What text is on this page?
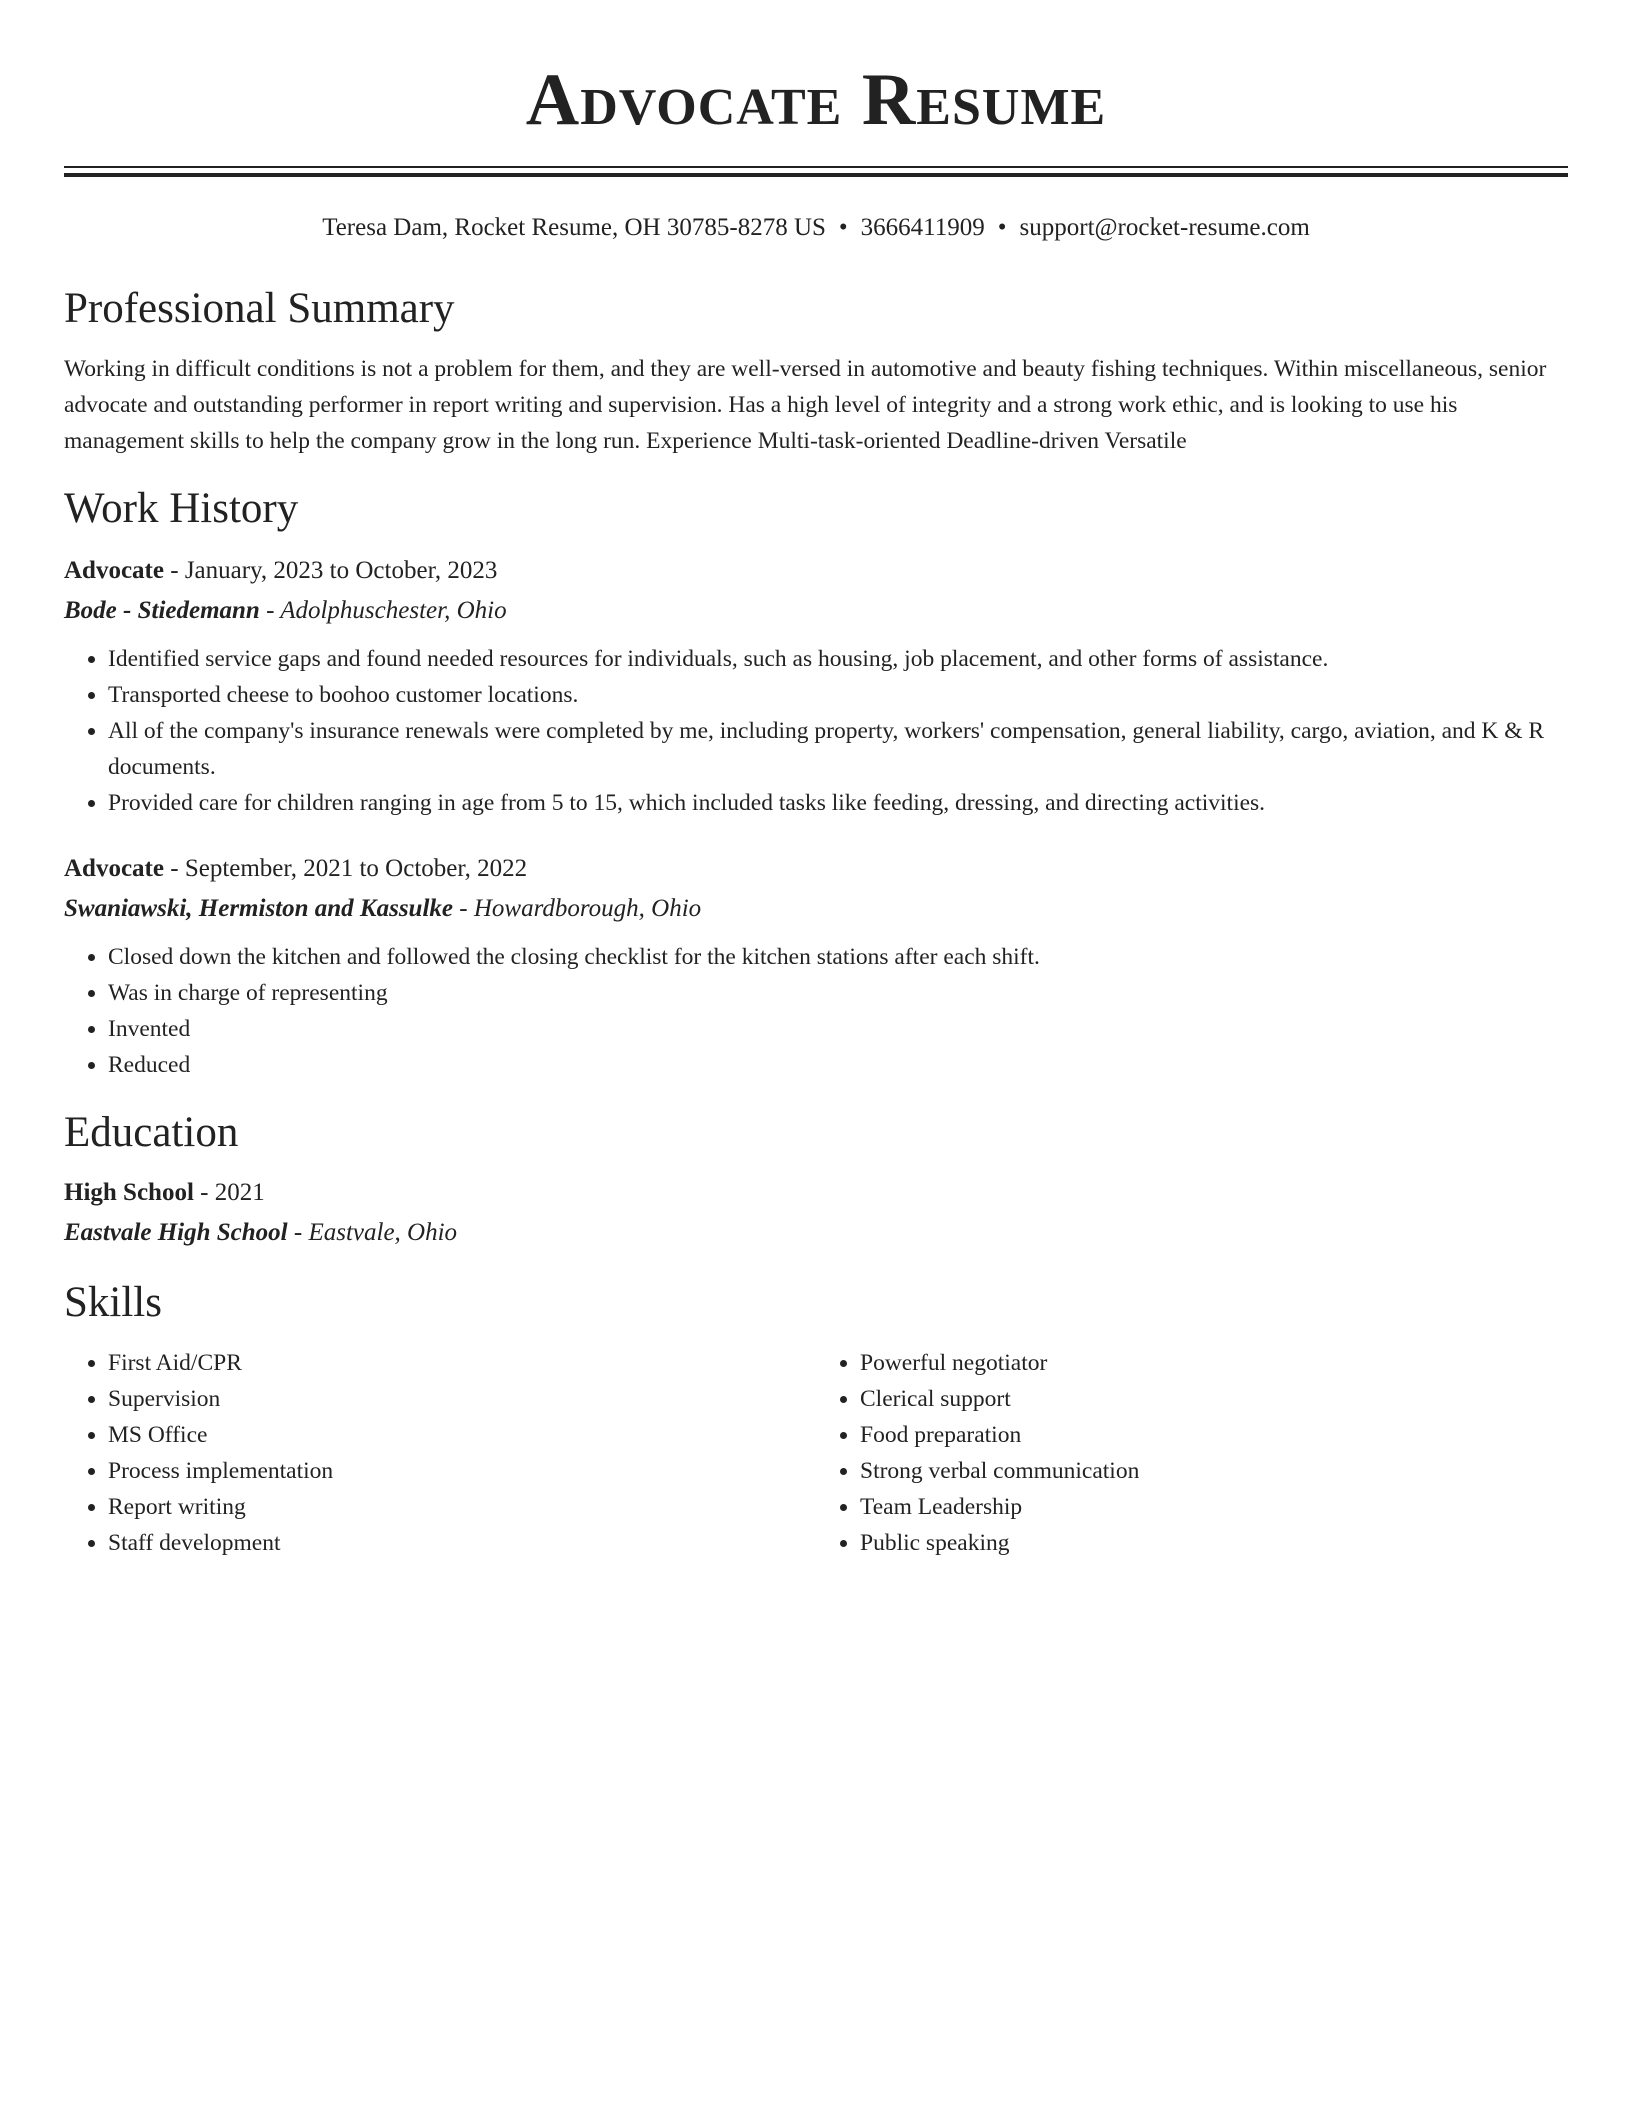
Advocate Resume
Teresa Dam, Rocket Resume, OH 30785-8278 US • 3666411909 • support@rocket-resume.com
Professional Summary

Working in difficult conditions is not a problem for them, and they are well-versed in automotive and beauty fishing techniques. Within miscellaneous, senior advocate and outstanding performer in report writing and supervision. Has a high level of integrity and a strong work ethic, and is looking to use his management skills to help the company grow in the long run. Experience Multi-task-oriented Deadline-driven Versatile

Work History
Advocate - January, 2023 to October, 2023
Bode - Stiedemann - Adolphuschester, Ohio
• Identified service gaps and found needed resources for individuals, such as housing, job placement, and other forms of assistance.
• Transported cheese to boohoo customer locations.
• All of the company's insurance renewals were completed by me, including property, workers' compensation, general liability, cargo, aviation, and K & R documents.
• Provided care for children ranging in age from 5 to 15, which included tasks like feeding, dressing, and directing activities.
Advocate - September, 2021 to October, 2022
Swaniawski, Hermiston and Kassulke - Howardborough, Ohio
• Closed down the kitchen and followed the closing checklist for the kitchen stations after each shift.
• Was in charge of representing
• Invented
• Reduced
Education
High School - 2021
Eastvale High School - Eastvale, Ohio
Skills
• First Aid/CPR
• Supervision
• MS Office
• Process implementation
• Report writing
• Staff development
• Powerful negotiator
• Clerical support
• Food preparation
• Strong verbal communication
• Team Leadership
• Public speaking
